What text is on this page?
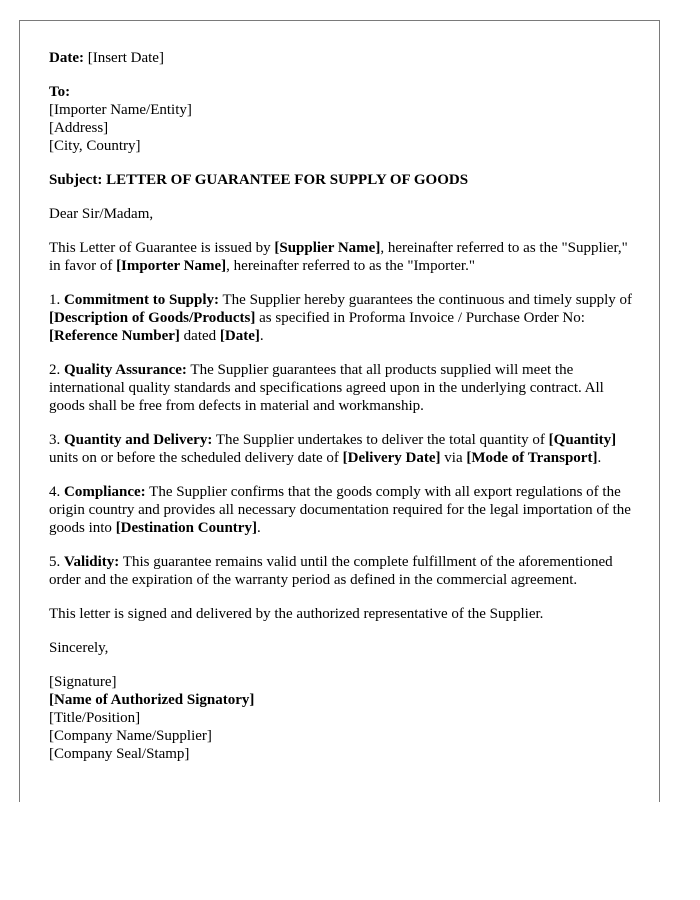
Date: [Insert Date]

To:
[Importer Name/Entity]
[Address]
[City, Country]

Subject: LETTER OF GUARANTEE FOR SUPPLY OF GOODS

Dear Sir/Madam,

This Letter of Guarantee is issued by [Supplier Name], hereinafter referred to as the "Supplier," in favor of [Importer Name], hereinafter referred to as the "Importer."

1. Commitment to Supply: The Supplier hereby guarantees the continuous and timely supply of [Description of Goods/Products] as specified in Proforma Invoice / Purchase Order No: [Reference Number] dated [Date].

2. Quality Assurance: The Supplier guarantees that all products supplied will meet the international quality standards and specifications agreed upon in the underlying contract. All goods shall be free from defects in material and workmanship.

3. Quantity and Delivery: The Supplier undertakes to deliver the total quantity of [Quantity] units on or before the scheduled delivery date of [Delivery Date] via [Mode of Transport].

4. Compliance: The Supplier confirms that the goods comply with all export regulations of the origin country and provides all necessary documentation required for the legal importation of the goods into [Destination Country].

5. Validity: This guarantee remains valid until the complete fulfillment of the aforementioned order and the expiration of the warranty period as defined in the commercial agreement.

This letter is signed and delivered by the authorized representative of the Supplier.

Sincerely,

[Signature]
[Name of Authorized Signatory]
[Title/Position]
[Company Name/Supplier]
[Company Seal/Stamp]
